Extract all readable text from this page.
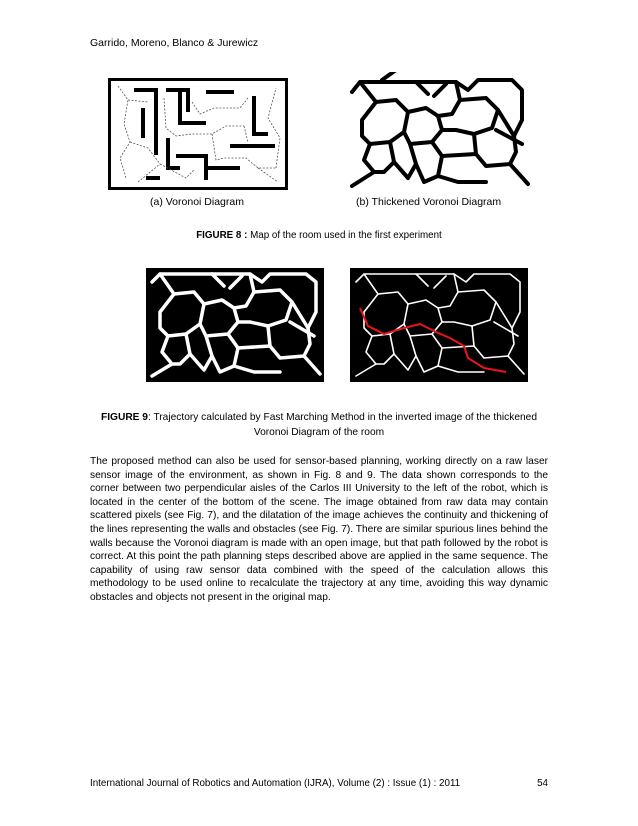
Garrido, Moreno, Blanco & Jurewicz
(a) Voronoi Diagram	(b) Thickened Voronoi Diagram
FIGURE 8 : Map of the room used in the first experiment
FIGURE 9: Trajectory calculated by Fast Marching Method in the inverted image of the thickened Voronoi Diagram of the room
The proposed method can also be used for sensor-based planning, working directly on a raw laser sensor image of the environment, as shown in Fig. 8 and 9. The data shown corresponds to the corner between two perpendicular aisles of the Carlos III University to the left of the robot, which is located in the center of the bottom of the scene. The image obtained from raw data may contain scattered pixels (see Fig. 7), and the dilatation of the image achieves the continuity and thickening of the lines representing the walls and obstacles (see Fig. 7). There are similar spurious lines behind the walls because the Voronoi diagram is made with an open image, but that path followed by the robot is correct. At this point the path planning steps described above are applied in the same sequence. The capability of using raw sensor data combined with the speed of the calculation allows this methodology to be used online to recalculate the trajectory at any time, avoiding this way dynamic obstacles and objects not present in the original map.
International Journal of Robotics and Automation (IJRA), Volume (2) : Issue (1) : 2011	54
